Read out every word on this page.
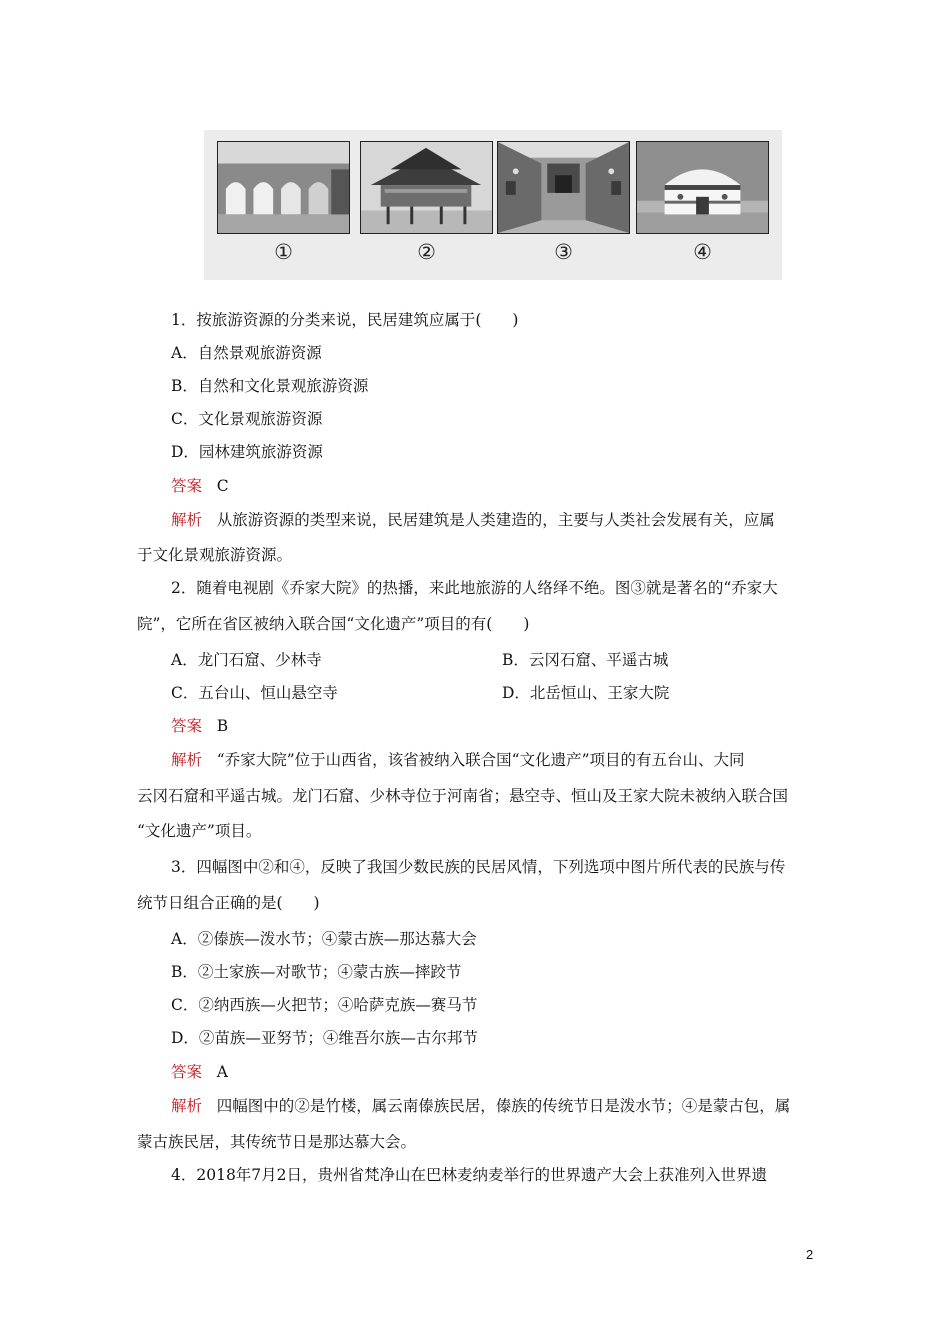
①	②	③	④
1．按旅游资源的分类来说，民居建筑应属于(　　)
A．自然景观旅游资源
B．自然和文化景观旅游资源
C．文化景观旅游资源
D．园林建筑旅游资源
答案 C
解析 从旅游资源的类型来说，民居建筑是人类建造的，主要与人类社会发展有关，应属
于文化景观旅游资源。
2．随着电视剧《乔家大院》的热播，来此地旅游的人络绎不绝。图③就是著名的“乔家大
院”，它所在省区被纳入联合国“文化遗产”项目的有(　　)
A．龙门石窟、少林寺	B．云冈石窟、平遥古城
C．五台山、恒山悬空寺	D．北岳恒山、王家大院
答案 B
解析 “乔家大院”位于山西省，该省被纳入联合国“文化遗产”项目的有五台山、大同
云冈石窟和平遥古城。龙门石窟、少林寺位于河南省；悬空寺、恒山及王家大院未被纳入联合国
“文化遗产”项目。
3．四幅图中②和④，反映了我国少数民族的民居风情，下列选项中图片所代表的民族与传
统节日组合正确的是(　　)
A．②傣族—泼水节；④蒙古族—那达慕大会
B．②土家族—对歌节；④蒙古族—摔跤节
C．②纳西族—火把节；④哈萨克族—赛马节
D．②苗族—亚努节；④维吾尔族—古尔邦节
答案 A
解析 四幅图中的②是竹楼，属云南傣族民居，傣族的传统节日是泼水节；④是蒙古包，属
蒙古族民居，其传统节日是那达慕大会。
4．2018年7月2日，贵州省梵净山在巴林麦纳麦举行的世界遗产大会上获准列入世界遗
2
